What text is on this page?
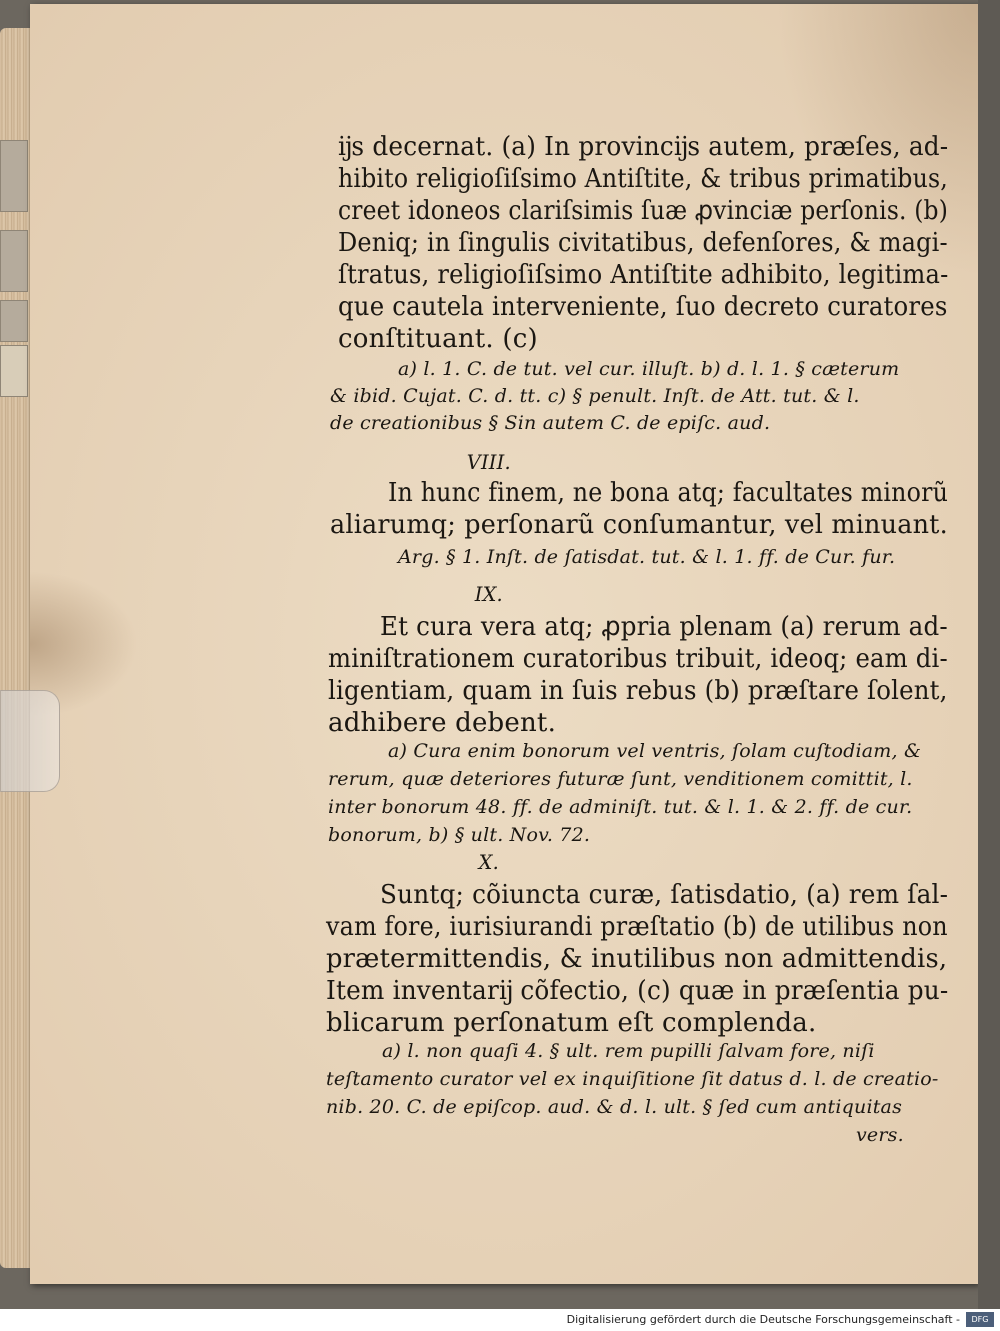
ĳs decernat. (a) In provincĳs autem, præſes, ad-
hibito religioſiſsimo Antiſtite, & tribus primatibus,
creet idoneos clariſsimis ſuæ ꝓvinciæ perſonis. (b)
Deniq; in ſingulis civitatibus, defenſores, & magi-
ſtratus, religioſiſsimo Antiſtite adhibito, legitima-
que cautela interveniente, ſuo decreto curatores
conſtituant. (c)
a) l. 1. C. de tut. vel cur. illuſt. b) d. l. 1. § cæterum
& ibid. Cujat. C. d. tt. c) § penult. Inſt. de Att. tut. & l.
de creationibus § Sin autem C. de epiſc. aud.
VIII.
In hunc finem, ne bona atq; facultates minorũ
aliarumq; perſonarũ conſumantur, vel minuant.
Arg. § 1. Inſt. de ſatisdat. tut. & l. 1. ff. de Cur. fur.
IX.
Et cura vera atq; ꝓpria plenam (a) rerum ad-
miniſtrationem curatoribus tribuit, ideoq; eam di-
ligentiam, quam in ſuis rebus (b) præſtare ſolent,
adhibere debent.
a) Cura enim bonorum vel ventris, ſolam cuſtodiam, &
rerum, quæ deteriores futuræ ſunt, venditionem comittit, l.
inter bonorum 48. ff. de adminiſt. tut. & l. 1. & 2. ff. de cur.
bonorum, b) § ult. Nov. 72.
X.
Suntq; cõiuncta curæ, ſatisdatio, (a) rem ſal-
vam fore, iurisiurandi præſtatio (b) de utilibus non
prætermittendis, & inutilibus non admittendis,
Item inventarĳ cõfectio, (c) quæ in præſentia pu-
blicarum perſonatum eſt complenda.
a) l. non quaſi 4. § ult. rem pupilli ſalvam fore, niſi
teſtamento curator vel ex inquiſitione ſit datus d. l. de creatio-
nib. 20. C. de epiſcop. aud. & d. l. ult. § ſed cum antiquitas
vers.
Digitalisierung gefördert durch die Deutsche Forschungsgemeinschaft -	DFG
